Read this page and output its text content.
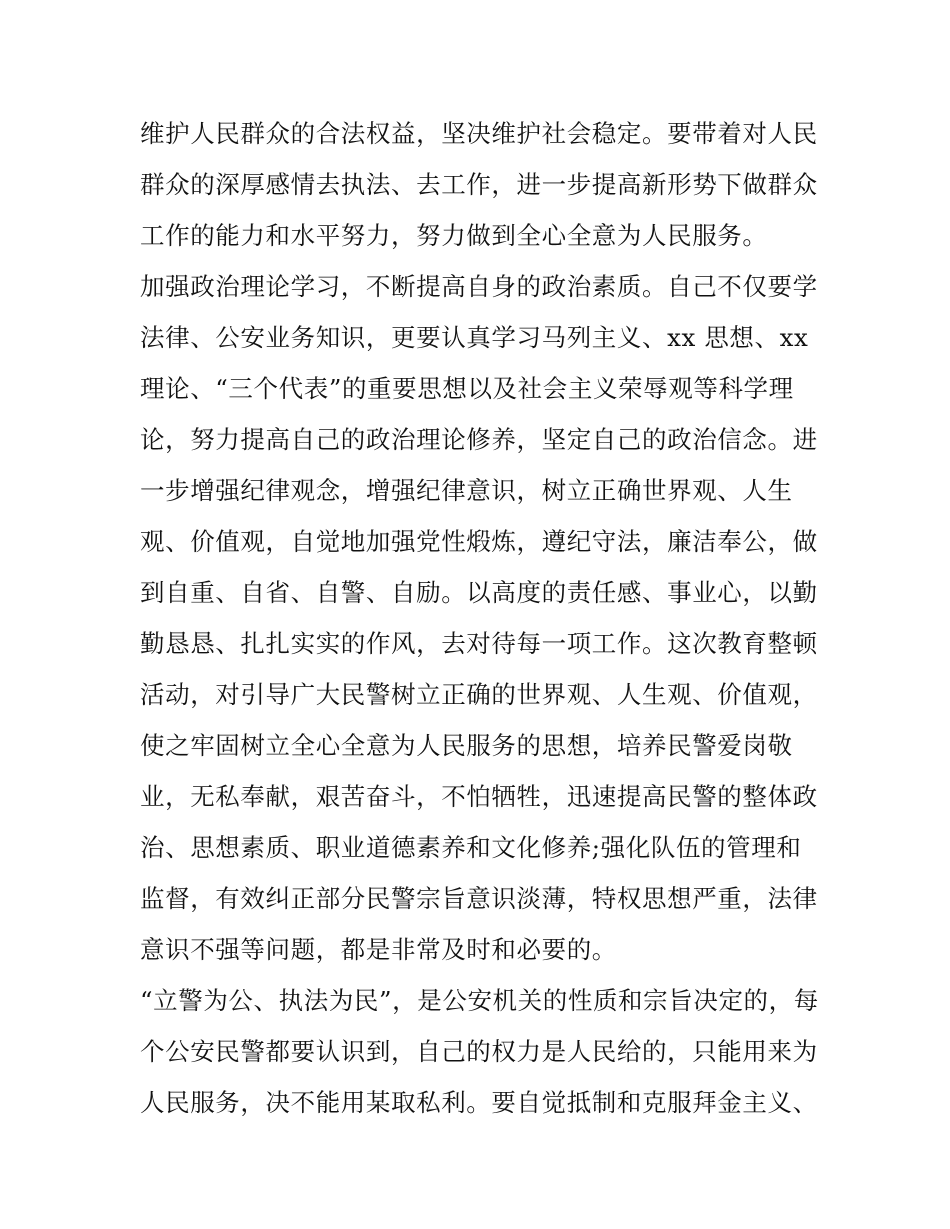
维护人民群众的合法权益，坚决维护社会稳定。要带着对人民
群众的深厚感情去执法、去工作，进一步提高新形势下做群众
工作的能力和水平努力，努力做到全心全意为人民服务。

加强政治理论学习，不断提高自身的政治素质。自己不仅要学
法律、公安业务知识，更要认真学习马列主义、xx 思想、xx
理论、“三个代表”的重要思想以及社会主义荣辱观等科学理
论，努力提高自己的政治理论修养，坚定自己的政治信念。进
一步增强纪律观念，增强纪律意识，树立正确世界观、人生
观、价值观，自觉地加强党性煅炼，遵纪守法，廉洁奉公，做
到自重、自省、自警、自励。以高度的责任感、事业心，以勤
勤恳恳、扎扎实实的作风，去对待每一项工作。这次教育整顿
活动，对引导广大民警树立正确的世界观、人生观、价值观，
使之牢固树立全心全意为人民服务的思想，培养民警爱岗敬
业，无私奉献，艰苦奋斗，不怕牺牲，迅速提高民警的整体政
治、思想素质、职业道德素养和文化修养;强化队伍的管理和
监督，有效纠正部分民警宗旨意识淡薄，特权思想严重，法律
意识不强等问题，都是非常及时和必要的。

“立警为公、执法为民”，是公安机关的性质和宗旨决定的，每
个公安民警都要认识到，自己的权力是人民给的，只能用来为
人民服务，决不能用某取私利。要自觉抵制和克服拜金主义、
